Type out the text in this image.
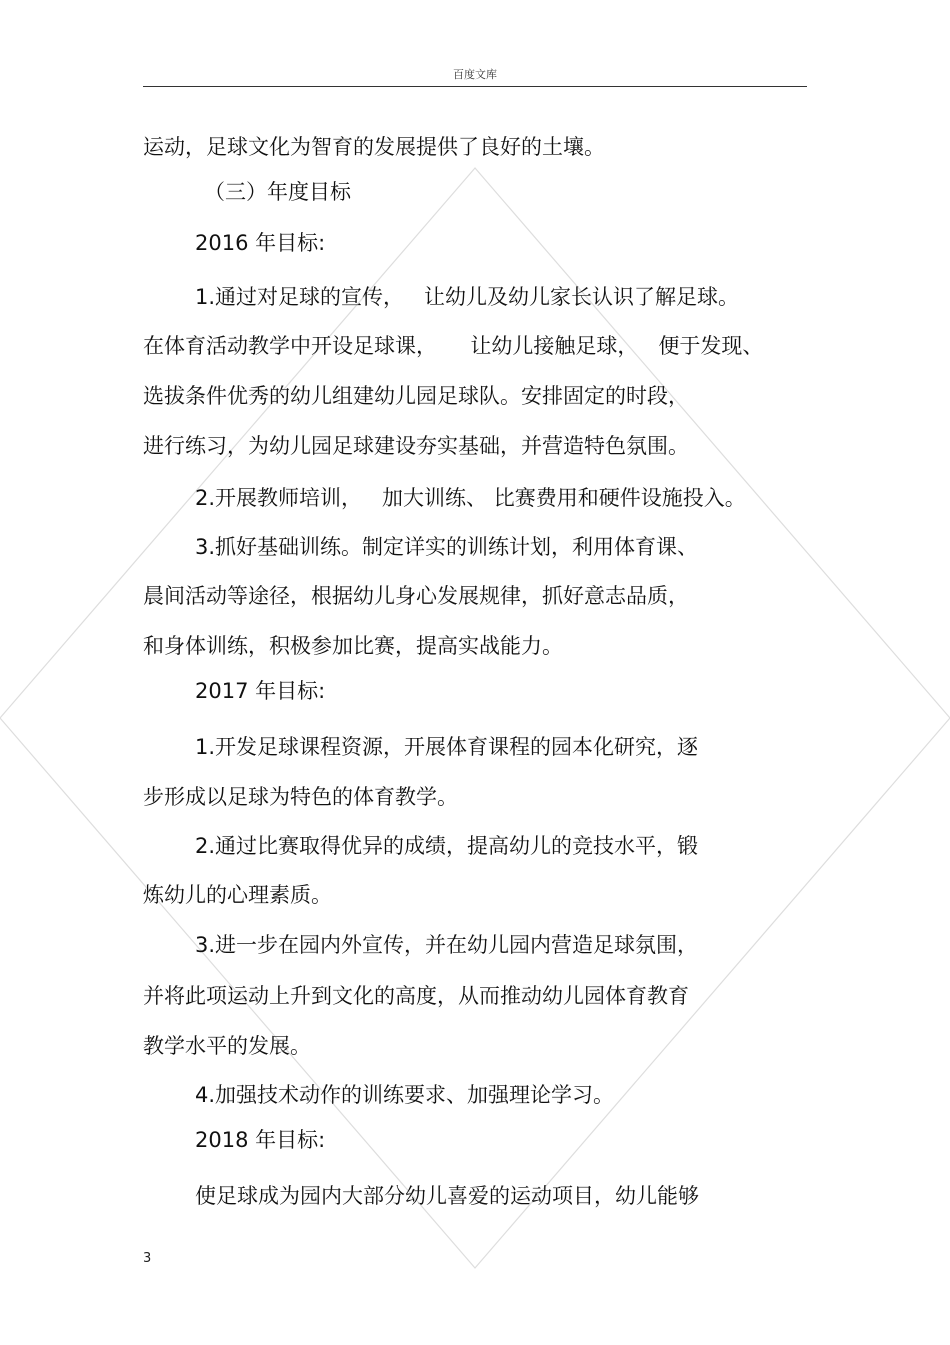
百度文库
运动，足球文化为智育的发展提供了良好的土壤。
（三）年度目标
2016 年目标:
1.通过对足球的宣传，   让幼儿及幼儿家长认识了解足球。
在体育活动教学中开设足球课，     让幼儿接触足球，   便于发现、
选拔条件优秀的幼儿组建幼儿园足球队。安排固定的时段，
进行练习，为幼儿园足球建设夯实基础，并营造特色氛围。
2.开展教师培训，   加大训练、 比赛费用和硬件设施投入。
3.抓好基础训练。制定详实的训练计划，利用体育课、
晨间活动等途径，根据幼儿身心发展规律，抓好意志品质，
和身体训练，积极参加比赛，提高实战能力。
2017 年目标:
1.开发足球课程资源，开展体育课程的园本化研究，逐
步形成以足球为特色的体育教学。
2.通过比赛取得优异的成绩，提高幼儿的竞技水平，锻
炼幼儿的心理素质。
3.进一步在园内外宣传，并在幼儿园内营造足球氛围，
并将此项运动上升到文化的高度，从而推动幼儿园体育教育
教学水平的发展。
4.加强技术动作的训练要求、加强理论学习。
2018 年目标:
使足球成为园内大部分幼儿喜爱的运动项目，幼儿能够
3
